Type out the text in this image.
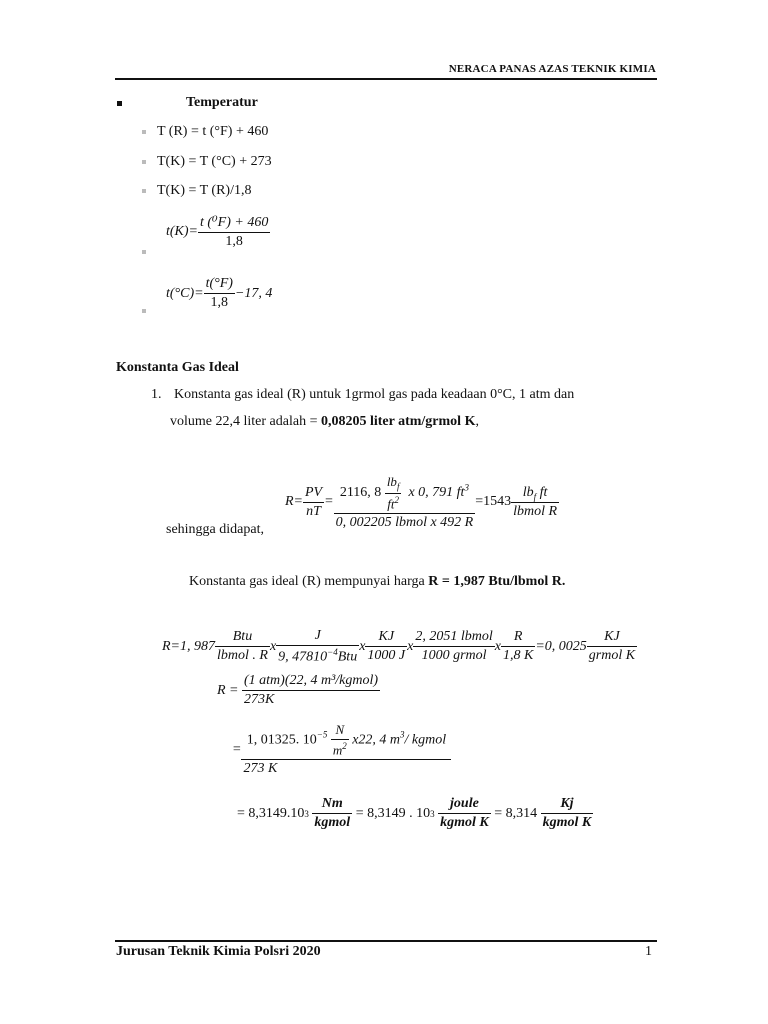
NERACA PANAS AZAS TEKNIK KIMIA
Temperatur
T (R) = t (°F) + 460
T(K) = T (°C) + 273
T(K) = T (R)/1,8
$t(K)= \frac{\text{t (⁰F) + 460}}{1,8}$
$t(^\circ C)= \frac{t(^\circ F)}{1,8} -17$, 4
Konstanta Gas Ideal
1. Konstanta gas ideal (R) untuk 1grmol gas pada keadaan 0°C, 1 atm dan
volume 22,4 liter adalah = 0,08205 liter atm/grmol K,
sehingga didapat,
$R= \frac{PV}{nT}$ =
2116, $8 \frac{lb_f}{ft^2}$ x 0, 791 $ft^3$
0, 002205 lbmol x 492 R
$=1543 \frac{lb_f ft}{\text{lbmol R}}$
Konstanta gas ideal (R) mempunyai harga R = 1,987 Btu/lbmol R.
R=1, $987 \frac{\text{Btu}}{\text{lbmol . R}}$ x $\frac{J}{9, 47810^{-4}Btu}$ x $\frac{KJ}{1000 J}$ x $\frac{\text{2, 2051 lbmol}}{\text{1000 grmol}}$ x $\frac{R}{1,8 K} =0$, $0025 \frac{KJ}{\text{grmol K}}$
R =
$\frac{\text{(1 atm)(22, 4 m³/kgmol)}}{273K}$
= $\frac{1, 01325. 10^{-5} \frac{N}{m^2} x22, 4 m^3/ kgmol}{273 K}$
= 8,3149.10 3
$\frac{Nm}{\text{kgmol}}$
= 8,3149 . 10 3
$\frac{\text{joule}}{\text{kgmol K}}$
= 8,314
$\frac{Kj}{\text{kgmol K}}$
Jurusan Teknik Kimia Polsri 2020	1
